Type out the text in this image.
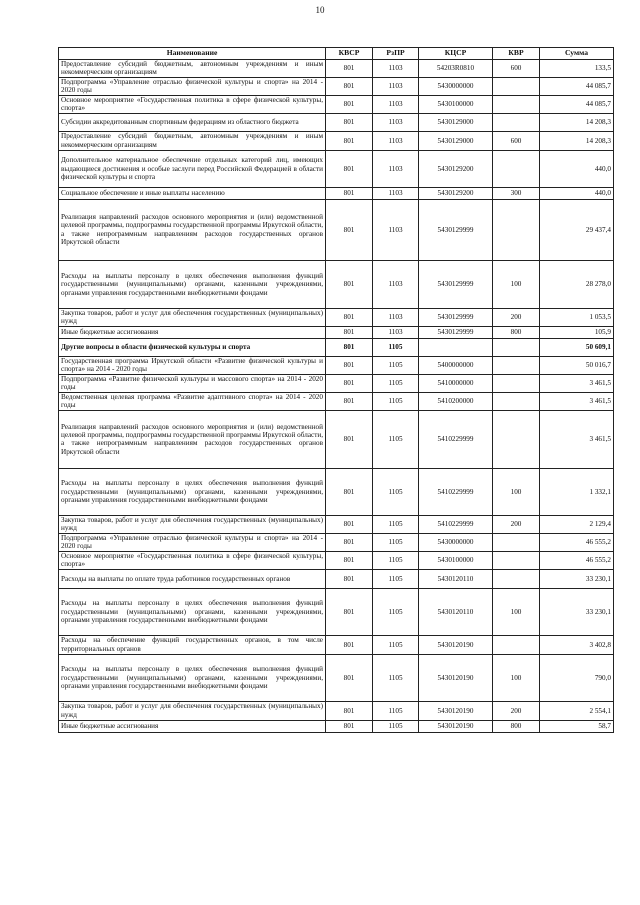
10
Наименование	КВСР	РзПР	КЦСР	КВР	Сумма
Предоставление субсидий бюджетным, автономным учреждениям и иным некоммерческим организациям	801	1103	54203R0810	600	133,5
Подпрограмма «Управление отраслью физической культуры и спорта» на 2014 - 2020 годы	801	1103	5430000000		44 085,7
Основное мероприятие «Государственная политика в сфере физической культуры, спорта»	801	1103	5430100000		44 085,7
Субсидии аккредитованным спортивным федерациям из областного бюджета	801	1103	5430129000		14 208,3
Предоставление субсидий бюджетным, автономным учреждениям и иным некоммерческим организациям	801	1103	5430129000	600	14 208,3
Дополнительное материальное обеспечение отдельных категорий лиц, имеющих выдающиеся достижения и особые заслуги перед Российской Федерацией в области физической культуры и спорта	801	1103	5430129200		440,0
Социальное обеспечение и иные выплаты населению	801	1103	5430129200	300	440,0
Реализация направлений расходов основного мероприятия и (или) ведомственной целевой программы, подпрограммы государственной программы Иркутской области, а также непрограммным направлениям расходов государственных органов Иркутской области	801	1103	5430129999		29 437,4
Расходы на выплаты персоналу в целях обеспечения выполнения функций государственными (муниципальными) органами, казенными учреждениями, органами управления государственными внебюджетными фондами	801	1103	5430129999	100	28 278,0
Закупка товаров, работ и услуг для обеспечения государственных (муниципальных) нужд	801	1103	5430129999	200	1 053,5
Иные бюджетные ассигнования	801	1103	5430129999	800	105,9
Другие вопросы в области физической культуры и спорта	801	1105			50 609,1
Государственная программа Иркутской области «Развитие физической культуры и спорта» на 2014 - 2020 годы	801	1105	5400000000		50 016,7
Подпрограмма «Развитие физической культуры и массового спорта» на 2014 - 2020 годы	801	1105	5410000000		3 461,5
Ведомственная целевая программа «Развитие адаптивного спорта» на 2014 - 2020 годы	801	1105	5410200000		3 461,5
Реализация направлений расходов основного мероприятия и (или) ведомственной целевой программы, подпрограммы государственной программы Иркутской области, а также непрограммным направлениям расходов государственных органов Иркутской области	801	1105	5410229999		3 461,5
Расходы на выплаты персоналу в целях обеспечения выполнения функций государственными (муниципальными) органами, казенными учреждениями, органами управления государственными внебюджетными фондами	801	1105	5410229999	100	1 332,1
Закупка товаров, работ и услуг для обеспечения государственных (муниципальных) нужд	801	1105	5410229999	200	2 129,4
Подпрограмма «Управление отраслью физической культуры и спорта» на 2014 - 2020 годы	801	1105	5430000000		46 555,2
Основное мероприятие «Государственная политика в сфере физической культуры, спорта»	801	1105	5430100000		46 555,2
Расходы на выплаты по оплате труда работников государственных органов	801	1105	5430120110		33 230,1
Расходы на выплаты персоналу в целях обеспечения выполнения функций государственными (муниципальными) органами, казенными учреждениями, органами управления государственными внебюджетными фондами	801	1105	5430120110	100	33 230,1
Расходы на обеспечение функций государственных органов, в том числе территориальных органов	801	1105	5430120190		3 402,8
Расходы на выплаты персоналу в целях обеспечения выполнения функций государственными (муниципальными) органами, казенными учреждениями, органами управления государственными внебюджетными фондами	801	1105	5430120190	100	790,0
Закупка товаров, работ и услуг для обеспечения государственных (муниципальных) нужд	801	1105	5430120190	200	2 554,1
Иные бюджетные ассигнования	801	1105	5430120190	800	58,7
